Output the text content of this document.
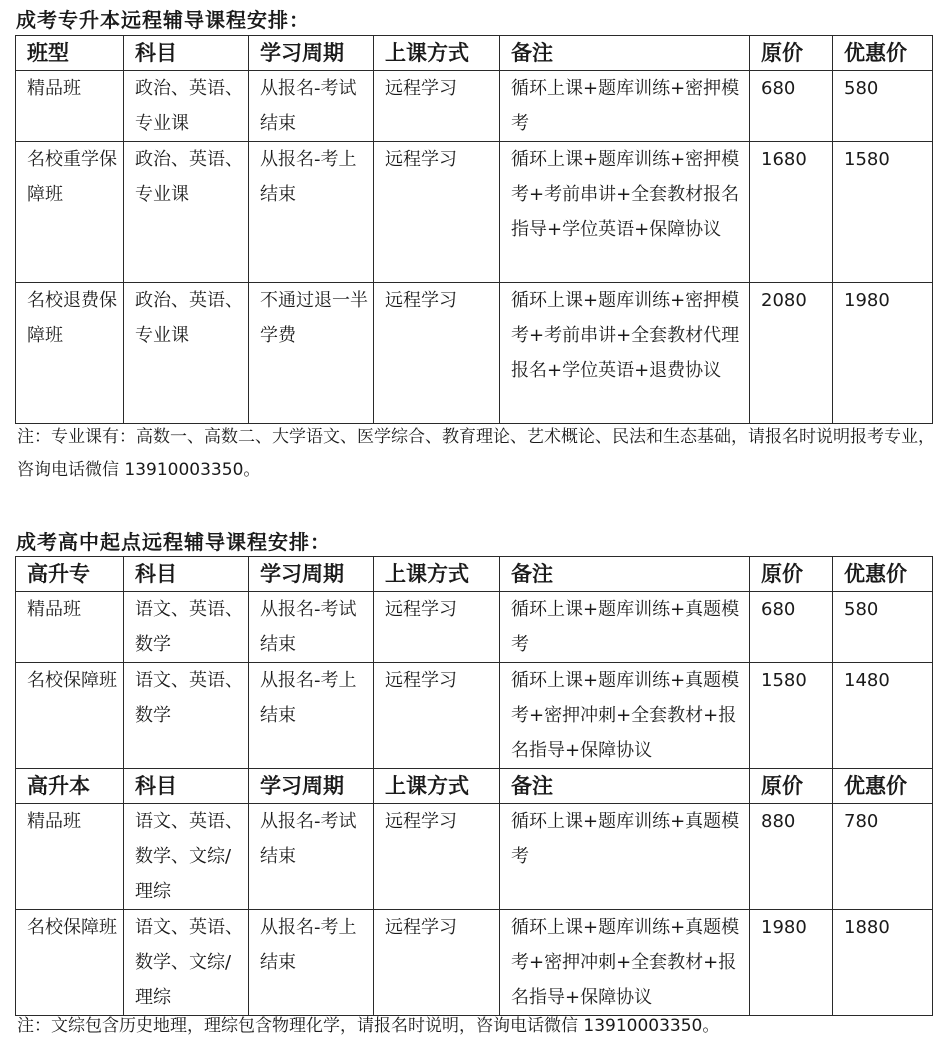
成考专升本远程辅导课程安排：
班型	科目	学习周期	上课方式	备注	原价	优惠价
精品班	政治、英语、专业课	从报名-考试结束	远程学习	循环上课+题库训练+密押模考	680	580
名校重学保障班	政治、英语、专业课	从报名-考上结束	远程学习	循环上课+题库训练+密押模考+考前串讲+全套教材报名指导+学位英语+保障协议	1680	1580
名校退费保障班	政治、英语、专业课	不通过退一半学费	远程学习	循环上课+题库训练+密押模考+考前串讲+全套教材代理报名+学位英语+退费协议	2080	1980
注：专业课有：高数一、高数二、大学语文、医学综合、教育理论、艺术概论、民法和生态基础，请报名时说明报考专业，咨询电话微信 13910003350。
成考高中起点远程辅导课程安排：
高升专	科目	学习周期	上课方式	备注	原价	优惠价
精品班	语文、英语、数学	从报名-考试结束	远程学习	循环上课+题库训练+真题模考	680	580
名校保障班	语文、英语、数学	从报名-考上结束	远程学习	循环上课+题库训练+真题模考+密押冲刺+全套教材+报名指导+保障协议	1580	1480
高升本	科目	学习周期	上课方式	备注	原价	优惠价
精品班	语文、英语、数学、文综/理综	从报名-考试结束	远程学习	循环上课+题库训练+真题模考	880	780
名校保障班	语文、英语、数学、文综/理综	从报名-考上结束	远程学习	循环上课+题库训练+真题模考+密押冲刺+全套教材+报名指导+保障协议	1980	1880
注：文综包含历史地理，理综包含物理化学，请报名时说明，咨询电话微信 13910003350。
